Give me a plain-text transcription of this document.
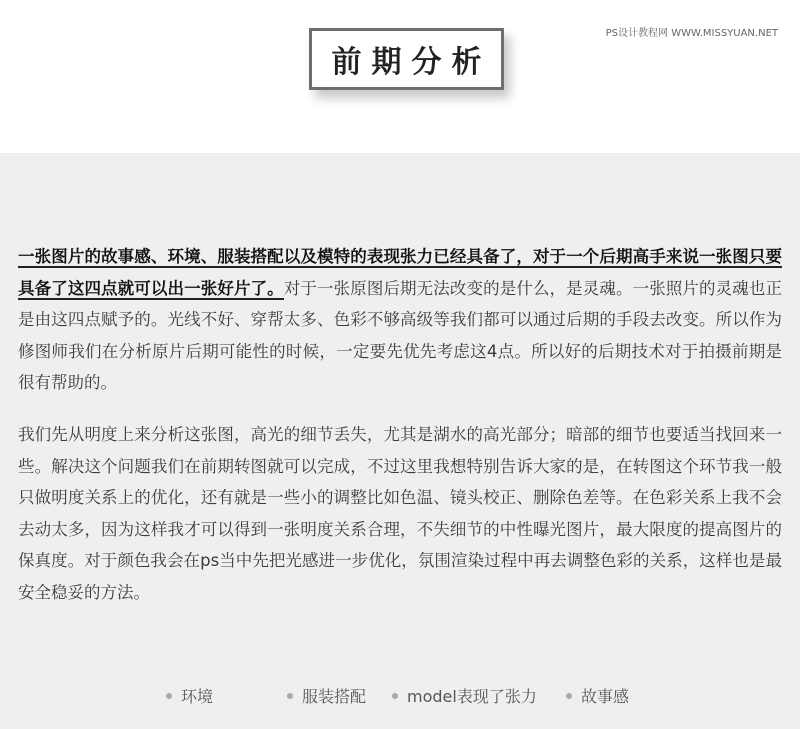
PS设计教程网 WWW.MISSYUAN.NET
前期分析

一张图片的故事感、环境、服装搭配以及模特的表现张力已经具备了，对于一个后期高手来说一张图只要具备了这四点就可以出一张好片了。对于一张原图后期无法改变的是什么，是灵魂。一张照片的灵魂也正是由这四点赋予的。光线不好、穿帮太多、色彩不够高级等我们都可以通过后期的手段去改变。所以作为修图师我们在分析原片后期可能性的时候，一定要先优先考虑这4点。所以好的后期技术对于拍摄前期是很有帮助的。

我们先从明度上来分析这张图，高光的细节丢失，尤其是湖水的高光部分；暗部的细节也要适当找回来一些。解决这个问题我们在前期转图就可以完成，不过这里我想特别告诉大家的是，在转图这个环节我一般只做明度关系上的优化，还有就是一些小的调整比如色温、镜头校正、删除色差等。在色彩关系上我不会去动太多，因为这样我才可以得到一张明度关系合理，不失细节的中性曝光图片，最大限度的提高图片的保真度。对于颜色我会在ps当中先把光感进一步优化，氛围渲染过程中再去调整色彩的关系，这样也是最安全稳妥的方法。

环境	服装搭配	model表现了张力	故事感
